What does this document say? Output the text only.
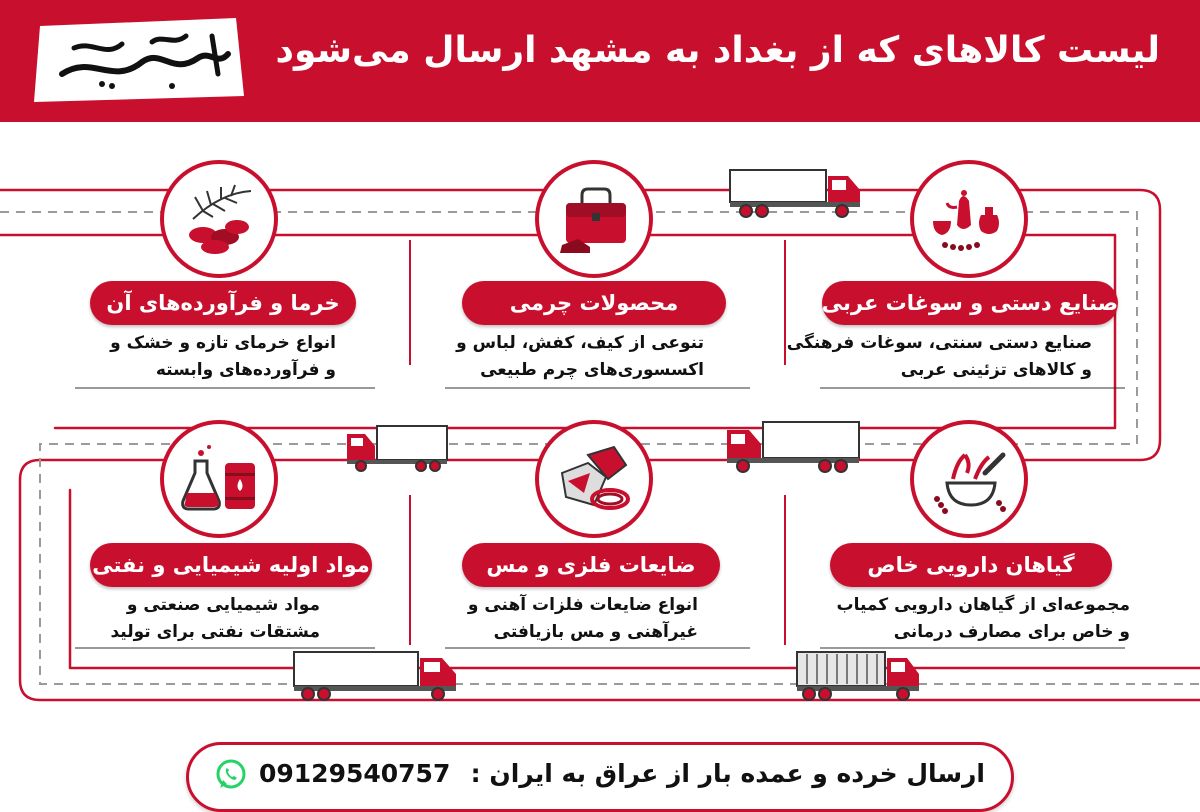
لیست کالاهای که از بغداد به مشهد ارسال می‌شود
صنایع دستی و سوغات عربی
محصولات چرمی
خرما و فرآورده‌های آن
گیاهان دارویی خاص
ضایعات فلزی و مس
مواد اولیه شیمیایی و نفتی
صنایع دستی سنتی، سوغات فرهنگی
و کالاهای تزئینی عربی
تنوعی از کیف، کفش، لباس و
اکسسوری‌های چرم طبیعی
انواع خرمای تازه و خشک و
و فرآورده‌های وابسته
مجموعه‌ای از گیاهان دارویی کمیاب
و خاص برای مصارف درمانی
انواع ضایعات فلزات آهنی و
غیرآهنی و مس بازیافتی
مواد شیمیایی صنعتی و
مشتقات نفتی برای تولید
09129540757 ارسال خرده و عمده بار از عراق به ایران :
